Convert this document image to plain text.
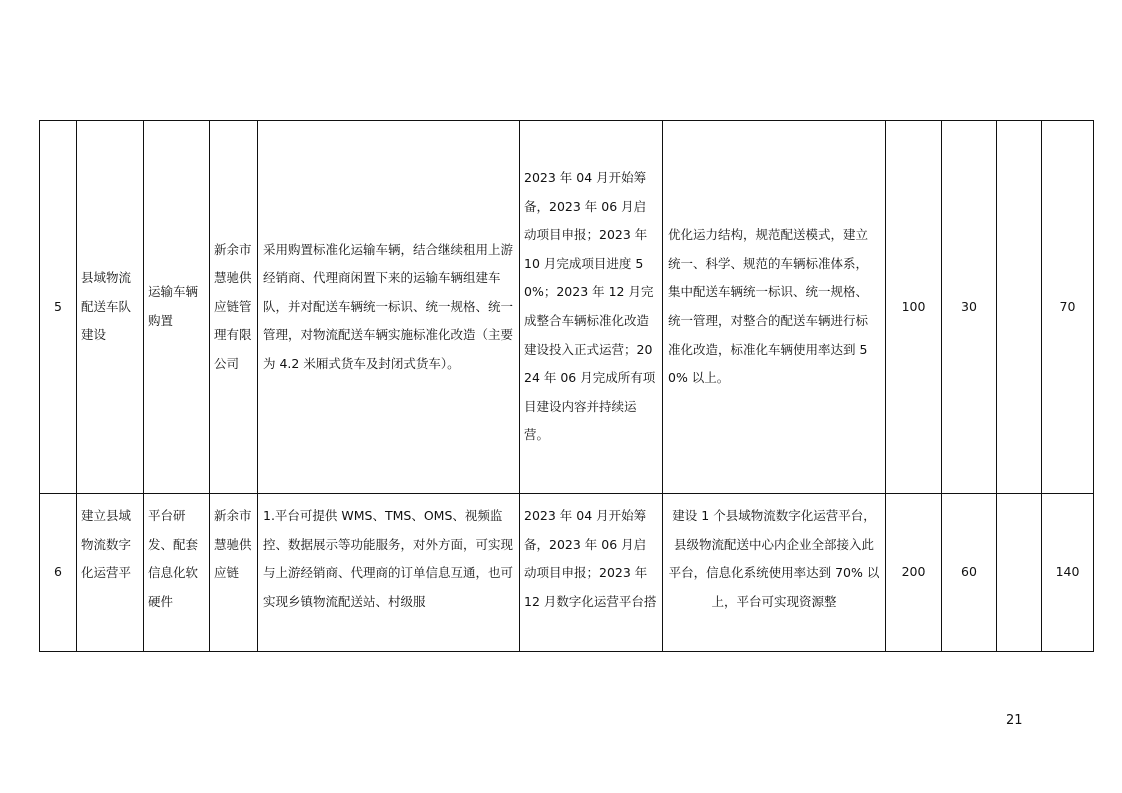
5	县域物流配送车队建设	运输车辆购置	新余市慧驰供应链管理有限公司	采用购置标准化运输车辆，结合继续租用上游经销商、代理商闲置下来的运输车辆组建车队，并对配送车辆统一标识、统一规格、统一管理，对物流配送车辆实施标准化改造（主要为 4.2 米厢式货车及封闭式货车）。	2023 年 04 月开始筹备，2023 年 06 月启动项目申报；2023 年 10 月完成项目进度 50%；2023 年 12 月完成整合车辆标准化改造建设投入正式运营；2024 年 06 月完成所有项目建设内容并持续运营。	优化运力结构，规范配送模式，建立统一、科学、规范的车辆标准体系，集中配送车辆统一标识、统一规格、统一管理，对整合的配送车辆进行标准化改造，标准化车辆使用率达到 50% 以上。	100	30		70
6	建立县域物流数字化运营平	平台研发、配套信息化软硬件	新余市慧驰供应链	1.平台可提供 WMS、TMS、OMS、视频监控、数据展示等功能服务，对外方面，可实现与上游经销商、代理商的订单信息互通，也可实现乡镇物流配送站、村级服	2023 年 04 月开始筹备，2023 年 06 月启动项目申报；2023 年 12 月数字化运营平台搭	建设 1 个县域物流数字化运营平台，县级物流配送中心内企业全部接入此平台，信息化系统使用率达到 70% 以上，平台可实现资源整	200	60		140
21
